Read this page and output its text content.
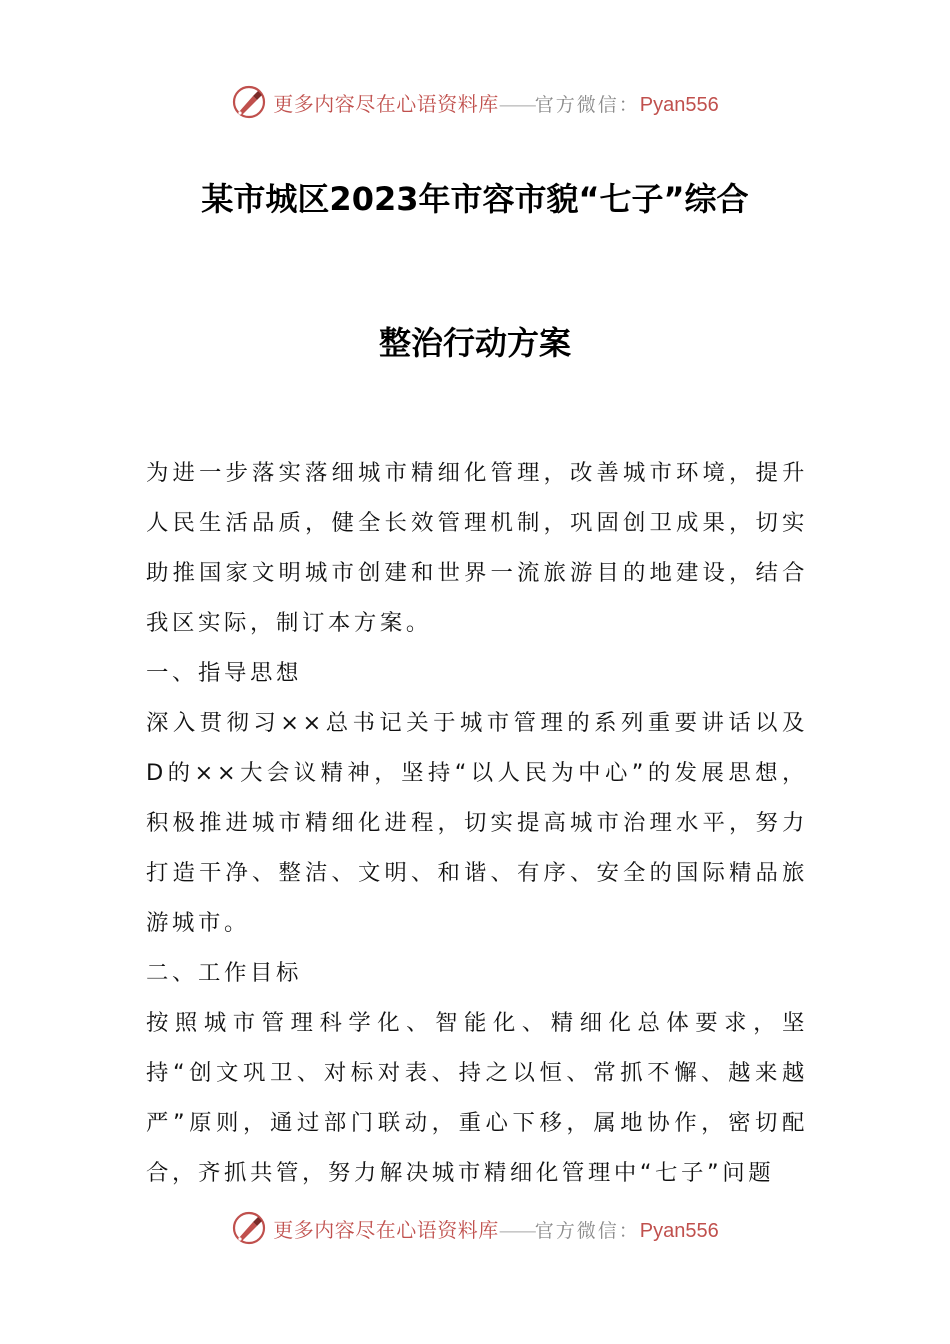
更多内容尽在心语资料库——官方微信：Pyan556
某市城区2023年市容市貌“七子”综合
整治行动方案

为进一步落实落细城市精细化管理，改善城市环境，提升人民生活品质，健全长效管理机制，巩固创卫成果，切实助推国家文明城市创建和世界一流旅游目的地建设，结合我区实际，制订本方案。

一、指导思想

深入贯彻习××总书记关于城市管理的系列重要讲话以及D的××大会议精神，坚持“以人民为中心”的发展思想，积极推进城市精细化进程，切实提高城市治理水平，努力打造干净、整洁、文明、和谐、有序、安全的国际精品旅游城市。

二、工作目标

按照城市管理科学化、智能化、精细化总体要求，坚持“创文巩卫、对标对表、持之以恒、常抓不懈、越来越严”原则，通过部门联动，重心下移，属地协作，密切配合，齐抓共管，努力解决城市精细化管理中“七子”问题

更多内容尽在心语资料库——官方微信：Pyan556
